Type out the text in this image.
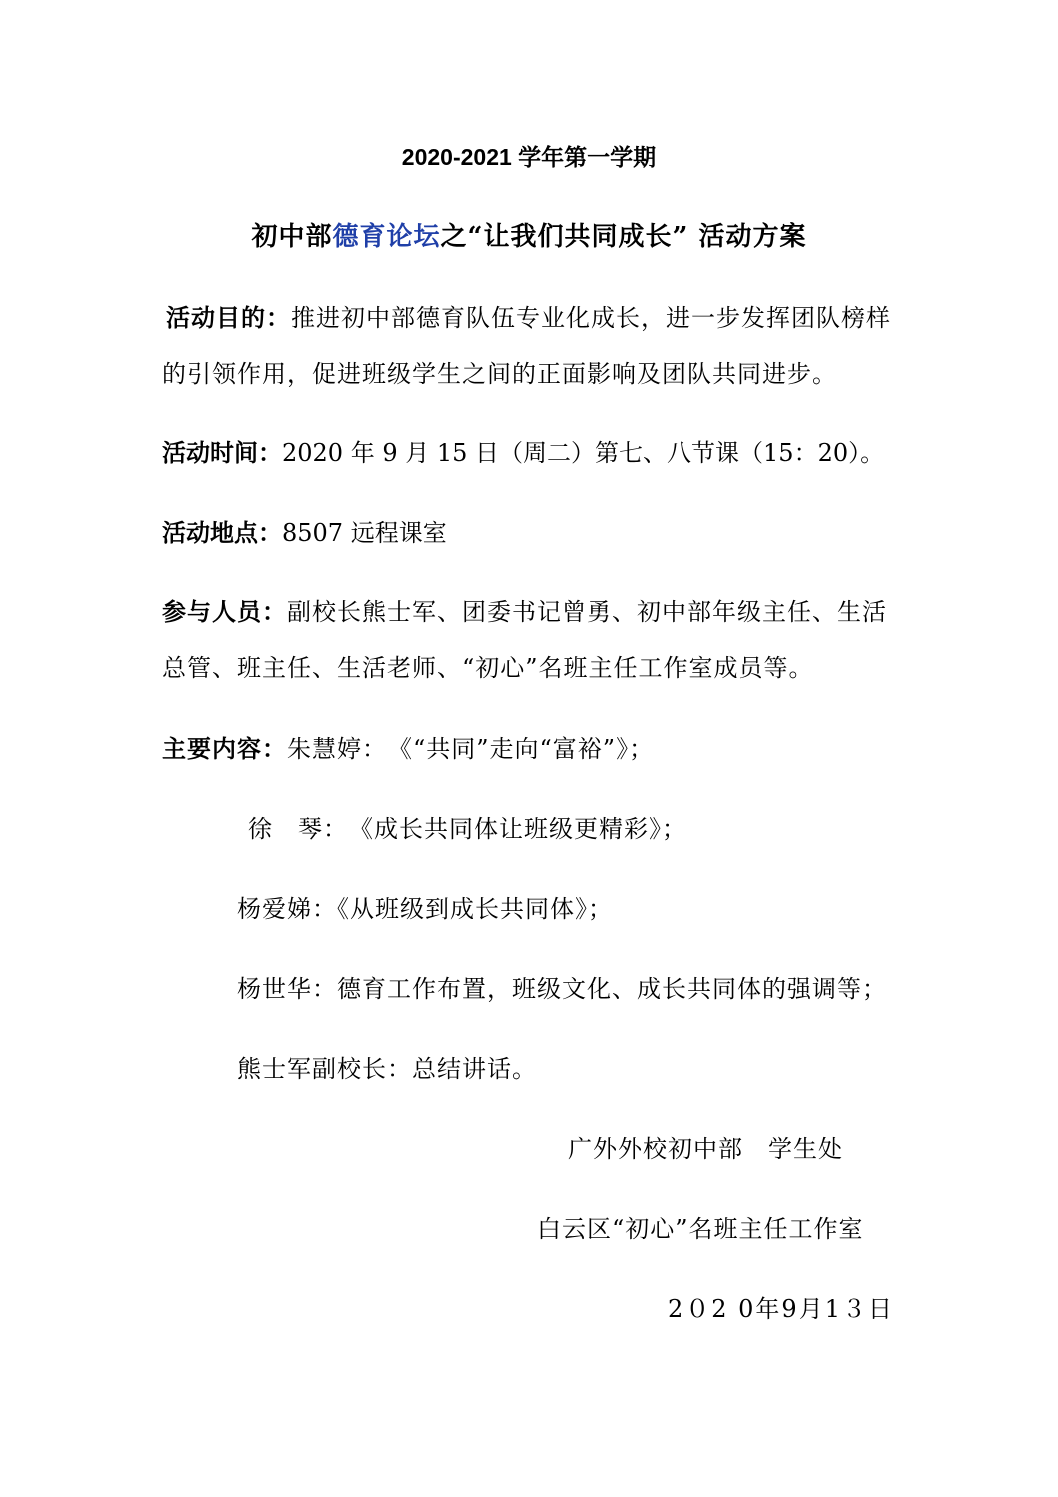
2020-2021 学年第一学期
初中部德育论坛之“让我们共同成长” 活动方案
活动目的：推进初中部德育队伍专业化成长，进一步发挥团队榜样
的引领作用，促进班级学生之间的正面影响及团队共同进步。
活动时间：2020 年 9 月 15 日（周二）第七、八节课（15：20）。
活动地点：8507 远程课室
参与人员：副校长熊士军、团委书记曾勇、初中部年级主任、生活
总管、班主任、生活老师、“初心”名班主任工作室成员等。
主要内容：朱慧婷：　《“共同”走向“富裕”》；
徐　琴：　《成长共同体让班级更精彩》；
杨爱娣：《从班级到成长共同体》；
杨世华：德育工作布置，班级文化、成长共同体的强调等；
熊士军副校长：总结讲话。
广外外校初中部　学生处
白云区“初心”名班主任工作室
2０2 0年9月1３日
